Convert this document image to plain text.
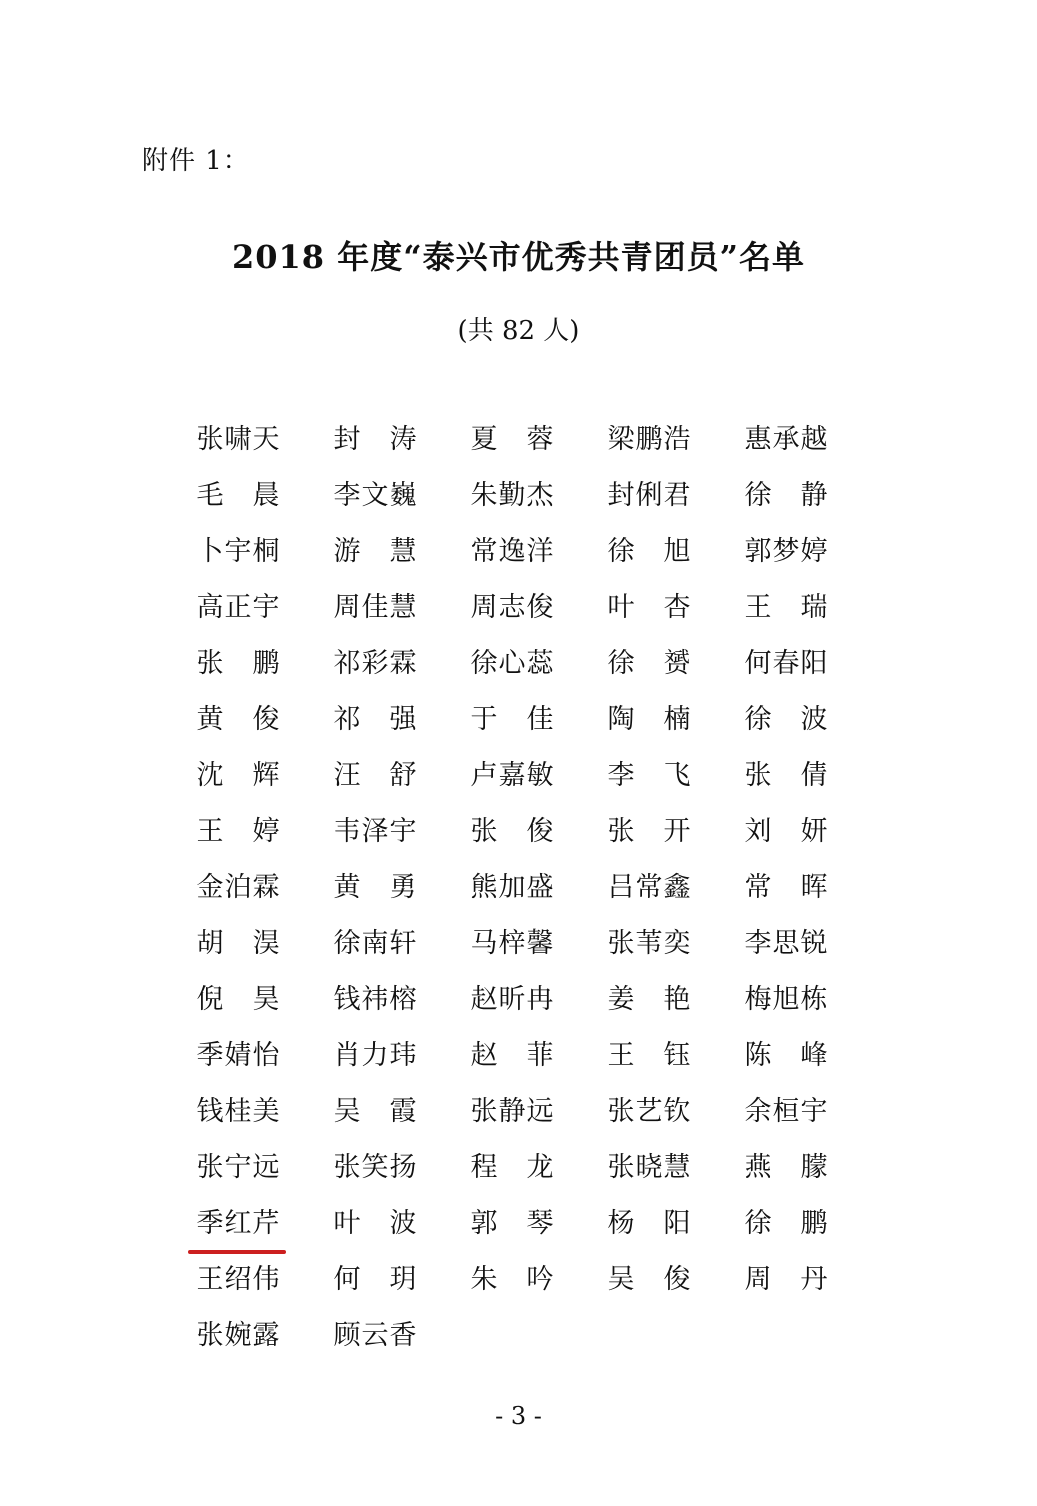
附件 1：
2018 年度“泰兴市优秀共青团员”名单
(共 82 人)
张 啸 天 封 涛 夏 蓉 梁 鹏 浩 惠 承 越
毛 晨 李 文 巍 朱 勤 杰 封 俐 君 徐 静
卜 宇 桐 游 慧 常 逸 洋 徐 旭 郭 梦 婷
高 正 宇 周 佳 慧 周 志 俊 叶 杏 王 瑞
张 鹏 祁 彩 霖 徐 心 蕊 徐 赟 何 春 阳
黄 俊 祁 强 于 佳 陶 楠 徐 波
沈 辉 汪 舒 卢 嘉 敏 李 飞 张 倩
王 婷 韦 泽 宇 张 俊 张 开 刘 妍
金 泊 霖 黄 勇 熊 加 盛 吕 常 鑫 常 晖
胡 淏 徐 南 轩 马 梓 馨 张 苇 奕 李 思 锐
倪 昊 钱 祎 榕 赵 昕 冉 姜 艳 梅 旭 栋
季 婧 怡 肖 力 玮 赵 菲 王 钰 陈 峰
钱 桂 美 吴 霞 张 静 远 张 艺 钦 余 桓 宇
张 宁 远 张 笑 扬 程 龙 张 晓 慧 燕 朦
季 红 芹 叶 波 郭 琴 杨 阳 徐 鹏
王 绍 伟 何 玥 朱 吟 吴 俊 周 丹
张 婉 露 顾 云 香
- 3 -
